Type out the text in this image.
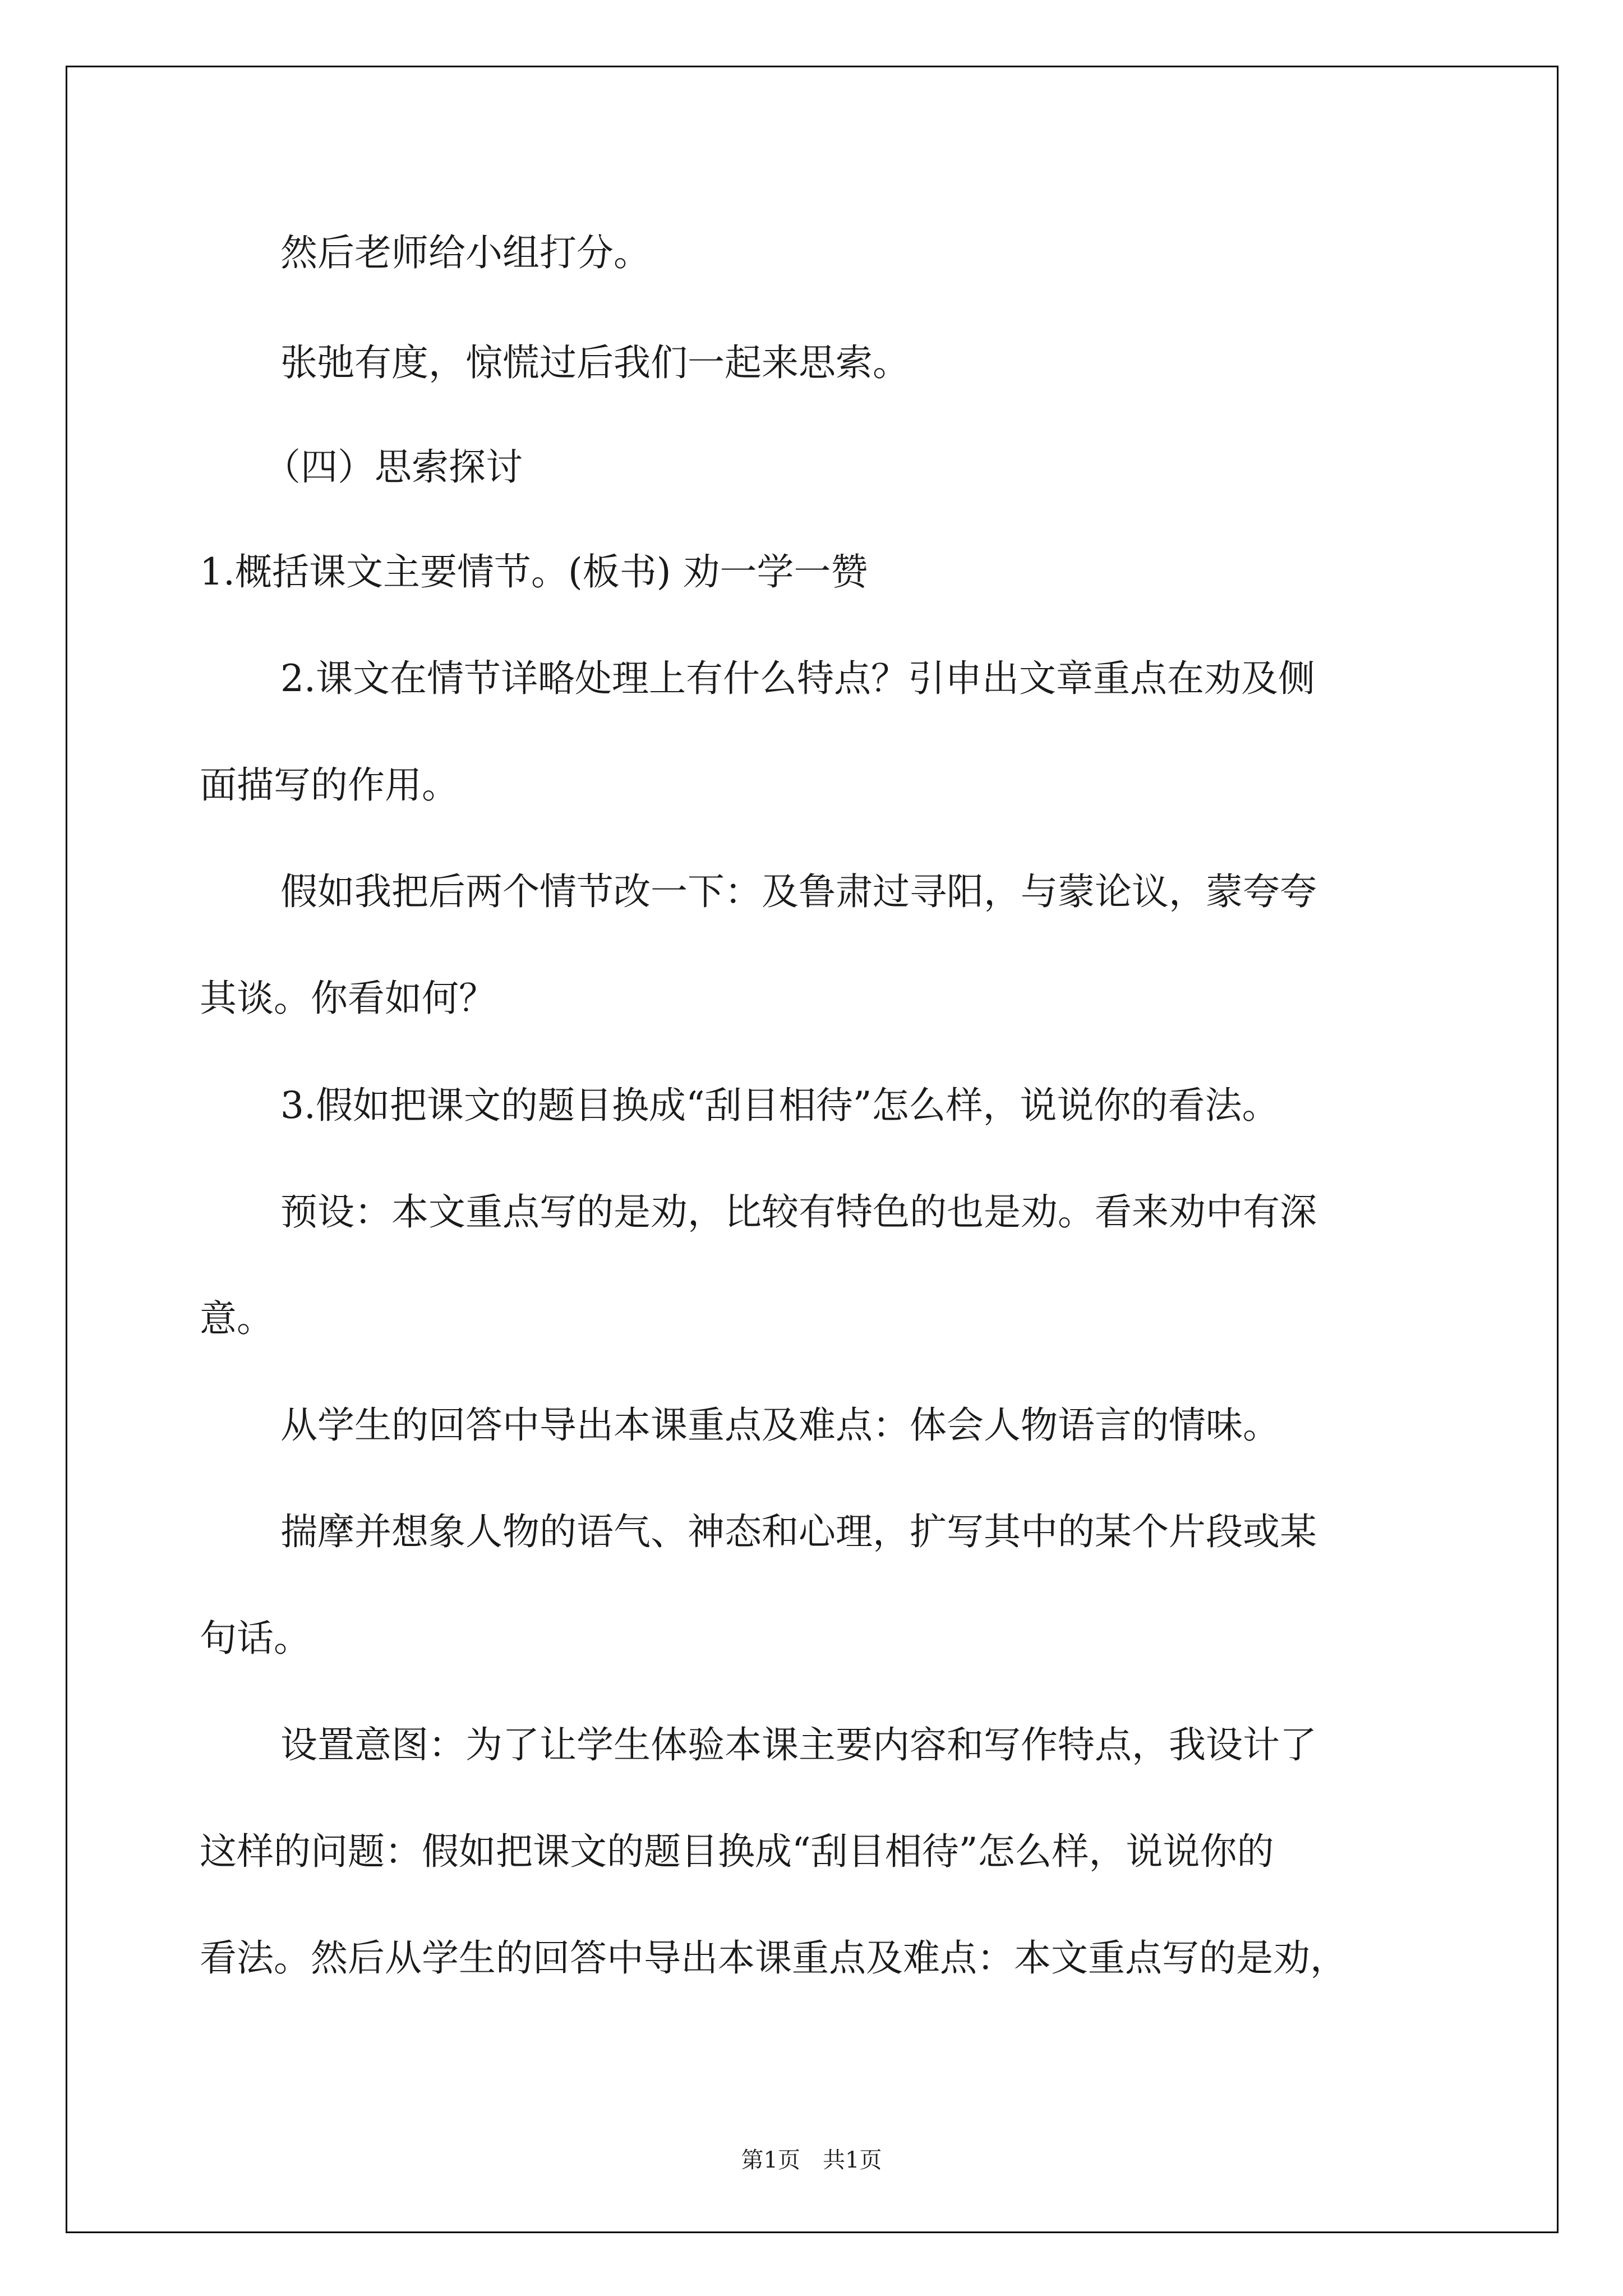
然后老师给小组打分。
张弛有度，惊慌过后我们一起来思索。
（四）思索探讨
1.概括课文主要情节。(板书) 劝一学一赞
2.课文在情节详略处理上有什么特点？引申出文章重点在劝及侧
面描写的作用。
假如我把后两个情节改一下：及鲁肃过寻阳，与蒙论议，蒙夸夸
其谈。你看如何？
3.假如把课文的题目换成“刮目相待”怎么样，说说你的看法。
预设：本文重点写的是劝，比较有特色的也是劝。看来劝中有深
意。
从学生的回答中导出本课重点及难点：体会人物语言的情味。
揣摩并想象人物的语气、神态和心理，扩写其中的某个片段或某
句话。
设置意图：为了让学生体验本课主要内容和写作特点，我设计了
这样的问题：假如把课文的题目换成“刮目相待”怎么样，说说你的
看法。然后从学生的回答中导出本课重点及难点：本文重点写的是劝，
第1页　共1页
